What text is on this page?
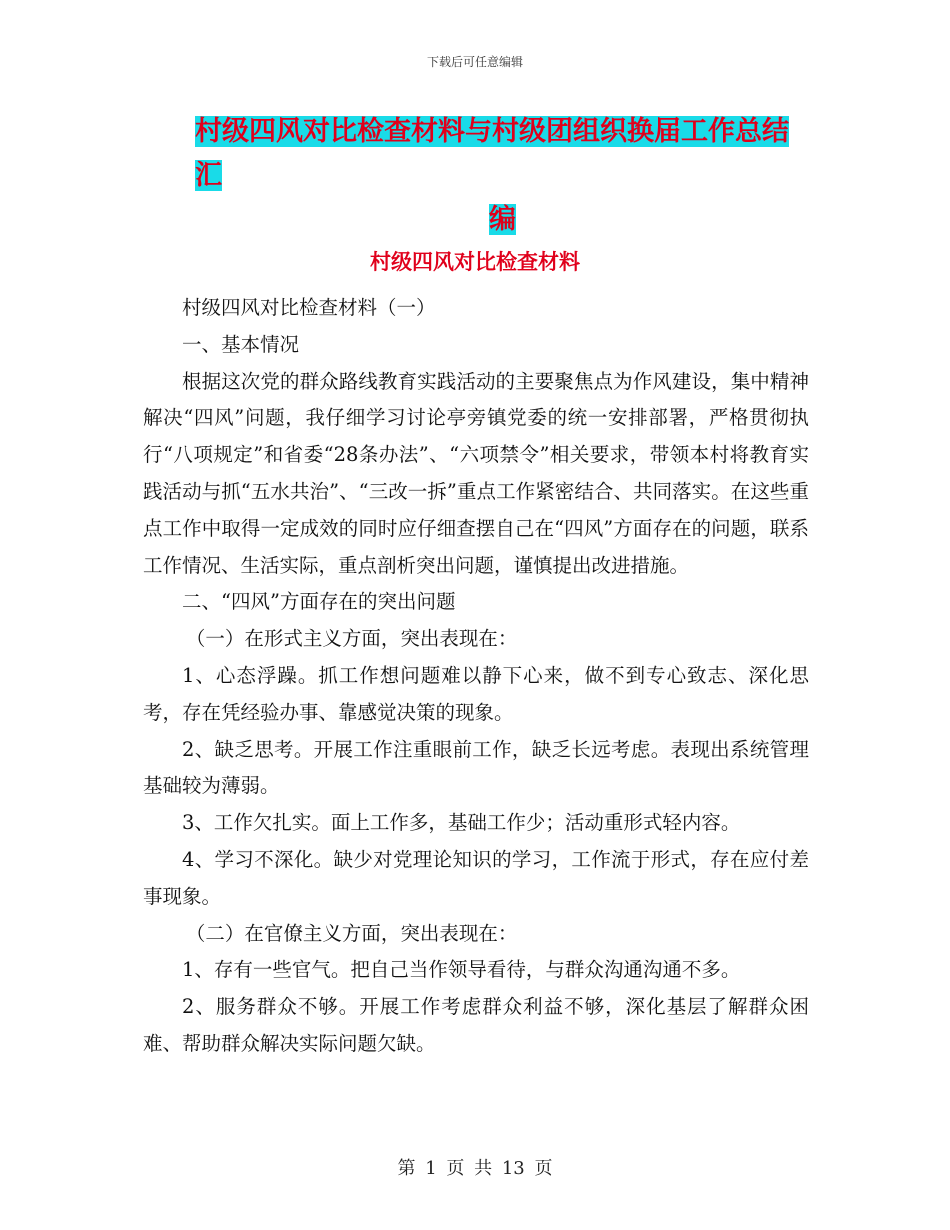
下载后可任意编辑
村级四风对比检查材料与村级团组织换届工作总结汇
编
村级四风对比检查材料

村级四风对比检查材料（一）

一、基本情况

根据这次党的群众路线教育实践活动的主要聚焦点为作风建设，集中精神解决“四风”问题，我仔细学习讨论亭旁镇党委的统一安排部署，严格贯彻执行“八项规定”和省委“28条办法”、“六项禁令”相关要求，带领本村将教育实践活动与抓“五水共治”、“三改一拆”重点工作紧密结合、共同落实。在这些重点工作中取得一定成效的同时应仔细查摆自己在“四风”方面存在的问题，联系工作情况、生活实际，重点剖析突出问题，谨慎提出改进措施。

二、“四风”方面存在的突出问题

（一）在形式主义方面，突出表现在：

1、心态浮躁。抓工作想问题难以静下心来，做不到专心致志、深化思考，存在凭经验办事、靠感觉决策的现象。

2、缺乏思考。开展工作注重眼前工作，缺乏长远考虑。表现出系统管理基础较为薄弱。

3、工作欠扎实。面上工作多，基础工作少；活动重形式轻内容。

4、学习不深化。缺少对党理论知识的学习，工作流于形式，存在应付差事现象。

（二）在官僚主义方面，突出表现在：

1、存有一些官气。把自己当作领导看待，与群众沟通沟通不多。

2、服务群众不够。开展工作考虑群众利益不够，深化基层了解群众困难、帮助群众解决实际问题欠缺。

第 1 页 共 13 页
